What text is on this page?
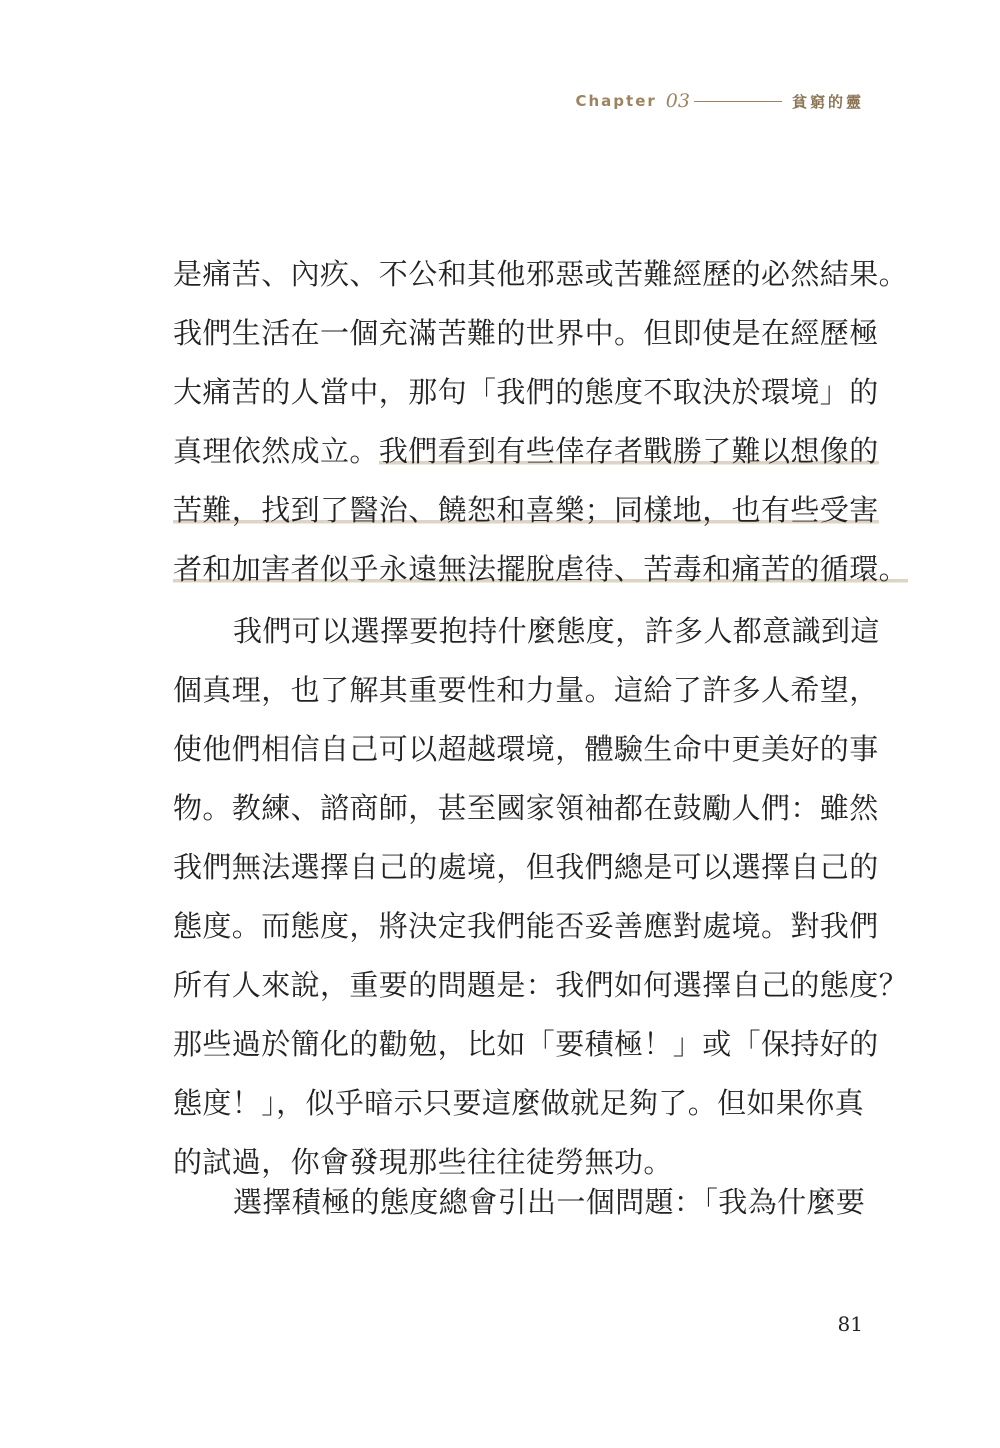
Chapter 03	貧窮的靈
是痛苦、內疚、不公和其他邪惡或苦難經歷的必然結果。
我們生活在一個充滿苦難的世界中。但即使是在經歷極
大痛苦的人當中，那句「我們的態度不取決於環境」的
真理依然成立。我們看到有些倖存者戰勝了難以想像的
苦難，找到了醫治、饒恕和喜樂；同樣地，也有些受害
者和加害者似乎永遠無法擺脫虐待、苦毒和痛苦的循環。
我們可以選擇要抱持什麼態度，許多人都意識到這
個真理，也了解其重要性和力量。這給了許多人希望，
使他們相信自己可以超越環境，體驗生命中更美好的事
物。教練、諮商師，甚至國家領袖都在鼓勵人們：雖然
我們無法選擇自己的處境，但我們總是可以選擇自己的
態度。而態度，將決定我們能否妥善應對處境。對我們
所有人來說，重要的問題是：我們如何選擇自己的態度？
那些過於簡化的勸勉，比如「要積極！」或「保持好的
態度！」，似乎暗示只要這麼做就足夠了。但如果你真
的試過，你會發現那些往往徒勞無功。
選擇積極的態度總會引出一個問題：「我為什麼要
81
